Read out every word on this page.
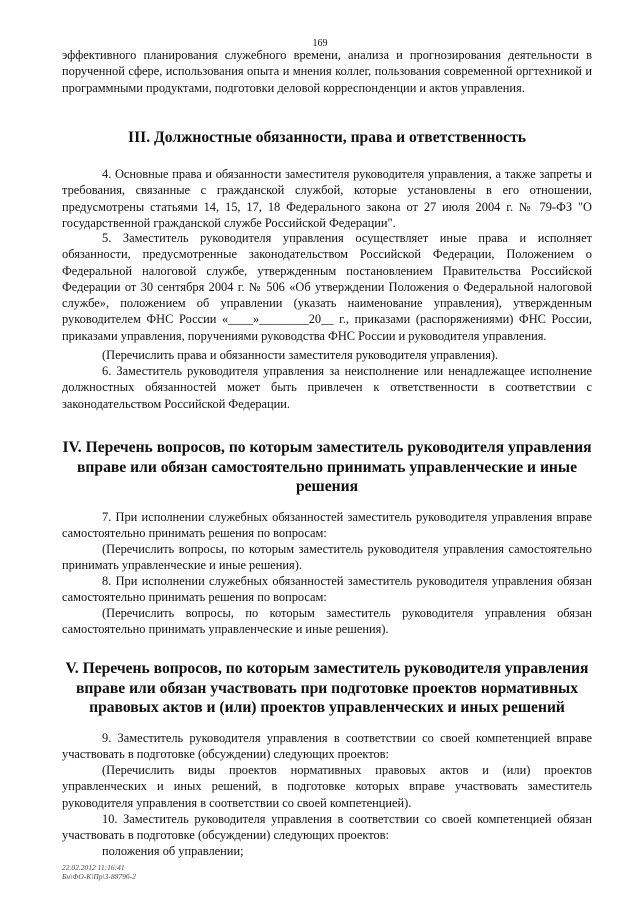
169
эффективного планирования служебного времени, анализа и прогнозирования деятельности в порученной сфере, использования опыта и мнения коллег, пользования современной оргтехникой и программными продуктами, подготовки деловой корреспонденции и актов управления.
III. Должностные обязанности, права и ответственность
4. Основные права и обязанности заместителя руководителя управления, а также запреты и требования, связанные с гражданской службой, которые установлены в его отношении, предусмотрены статьями 14, 15, 17, 18 Федерального закона от 27 июля 2004 г. № 79-ФЗ "О государственной гражданской службе Российской Федерации".
5. Заместитель руководителя управления осуществляет иные права и исполняет обязанности, предусмотренные законодательством Российской Федерации, Положением о Федеральной налоговой службе, утвержденным постановлением Правительства Российской Федерации от 30 сентября 2004 г. № 506 «Об утверждении Положения о Федеральной налоговой службе», положением об управлении (указать наименование управления), утвержденным руководителем ФНС России «____»________20__ г., приказами (распоряжениями) ФНС России, приказами управления, поручениями руководства ФНС России и руководителя управления.
(Перечислить права и обязанности заместителя руководителя управления).
6. Заместитель руководителя управления за неисполнение или ненадлежащее исполнение должностных обязанностей может быть привлечен к ответственности в соответствии с законодательством Российской Федерации.
IV. Перечень вопросов, по которым заместитель руководителя управления вправе или обязан самостоятельно принимать управленческие и иные решения
7. При исполнении служебных обязанностей заместитель руководителя управления вправе самостоятельно принимать решения по вопросам:
(Перечислить вопросы, по которым заместитель руководителя управления самостоятельно принимать управленческие и иные решения).
8. При исполнении служебных обязанностей заместитель руководителя управления обязан самостоятельно принимать решения по вопросам:
(Перечислить вопросы, по которым заместитель руководителя управления обязан самостоятельно принимать управленческие и иные решения).
V. Перечень вопросов, по которым заместитель руководителя управления вправе или обязан участвовать при подготовке проектов нормативных правовых актов и (или) проектов управленческих и иных решений
9. Заместитель руководителя управления в соответствии со своей компетенцией вправе участвовать в подготовке (обсуждении) следующих проектов:
(Перечислить виды проектов нормативных правовых актов и (или) проектов управленческих и иных решений, в подготовке которых вправе участвовать заместитель руководителя управления в соответствии со своей компетенцией).
10. Заместитель руководителя управления в соответствии со своей компетенцией обязан участвовать в подготовке (обсуждении) следующих проектов:
положения об управлении;
22.02.2012 11:16:41
Бн\ФО-К\Пр\3-8879б-2
